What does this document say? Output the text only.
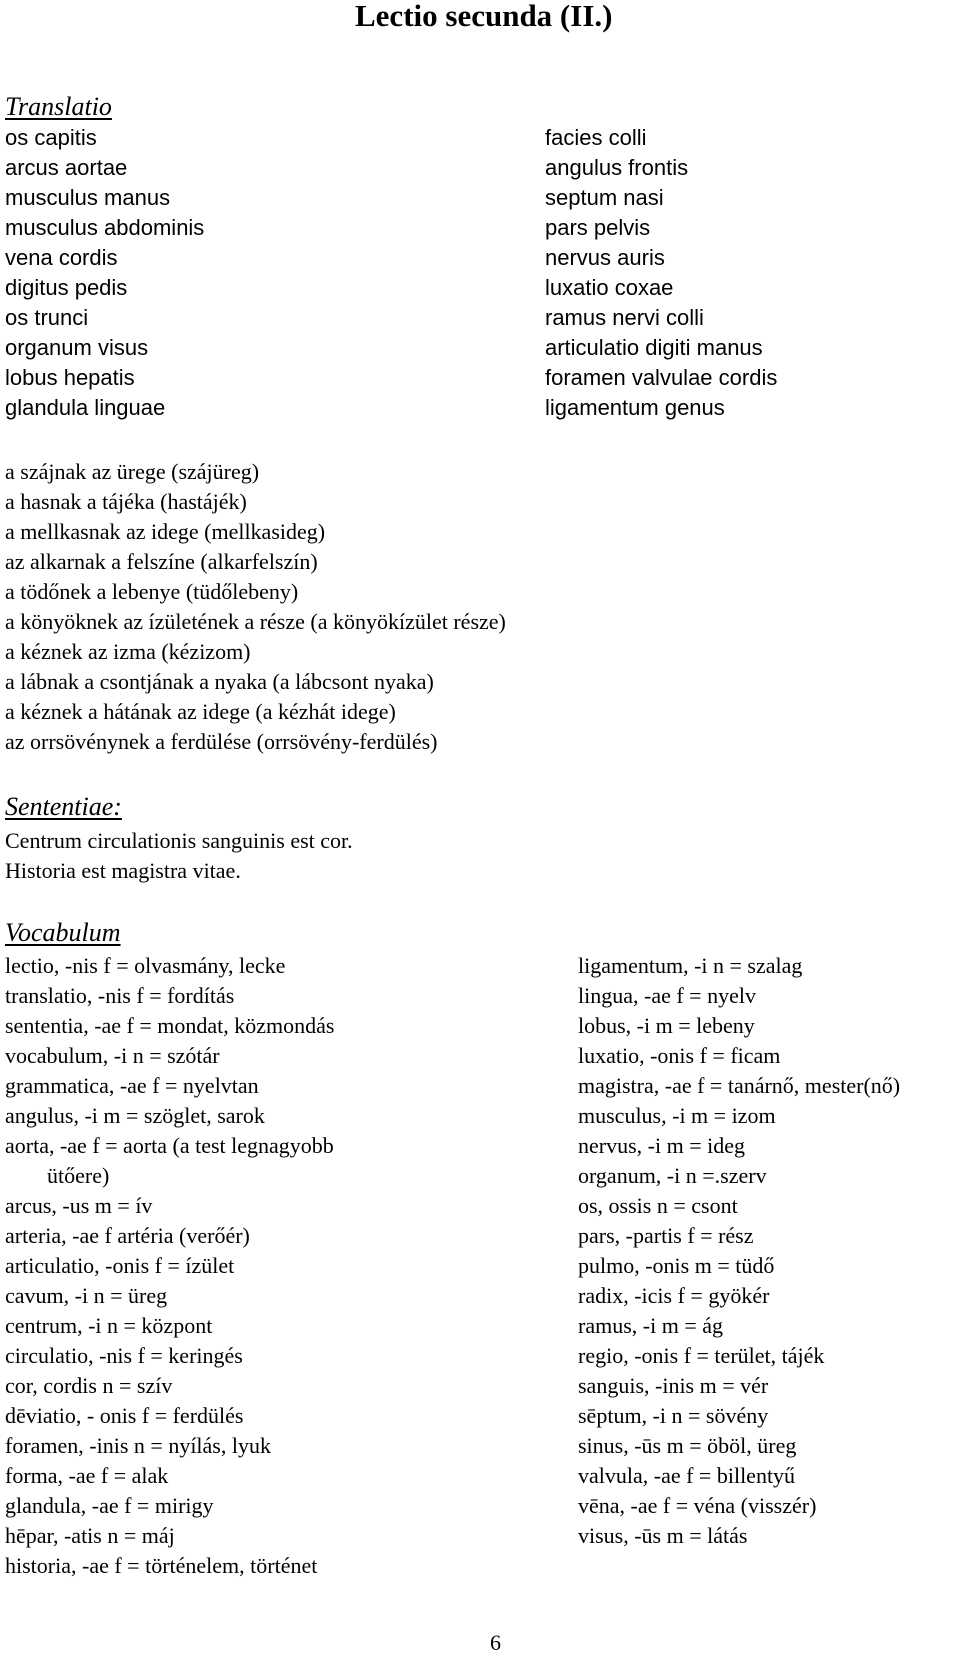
Lectio secunda (II.)
Translatio
os capitis
arcus aortae
musculus manus
musculus abdominis
vena cordis
digitus pedis
os trunci
organum visus
lobus hepatis
glandula linguae
facies colli
angulus frontis
septum nasi
pars pelvis
nervus auris
luxatio coxae
ramus nervi colli
articulatio digiti manus
foramen valvulae cordis
ligamentum genus
a szájnak az ürege (szájüreg)
a hasnak a tájéka (hastájék)
a mellkasnak az idege (mellkasideg)
az alkarnak a felszíne (alkarfelszín)
a tödőnek a lebenye (tüdőlebeny)
a könyöknek az ízületének a része (a könyökízület része)
a kéznek az izma (kézizom)
a lábnak a csontjának a nyaka (a lábcsont nyaka)
a kéznek a hátának az idege (a kézhát idege)
az orrsövénynek a ferdülése (orrsövény-ferdülés)
Sententiae:
Centrum circulationis sanguinis est cor.
Historia est magistra vitae.
Vocabulum
lectio, -nis f = olvasmány, lecke
translatio, -nis f = fordítás
sententia, -ae f = mondat, közmondás
vocabulum, -i n = szótár
grammatica, -ae f = nyelvtan
angulus, -i m = szöglet, sarok
aorta, -ae f = aorta (a test legnagyobb
ütőere)
arcus, -us m = ív
arteria, -ae f artéria (verőér)
articulatio, -onis f = ízület
cavum, -i n = üreg
centrum, -i n = központ
circulatio, -nis f = keringés
cor, cordis n = szív
dēviatio, - onis f = ferdülés
foramen, -inis n = nyílás, lyuk
forma, -ae f = alak
glandula, -ae f = mirigy
hēpar, -atis n = máj
historia, -ae f = történelem, történet
ligamentum, -i n = szalag
lingua, -ae f = nyelv
lobus, -i m = lebeny
luxatio, -onis f = ficam
magistra, -ae f = tanárnő, mester(nő)
musculus, -i m = izom
nervus, -i m = ideg
organum, -i n =.szerv
os, ossis n = csont
pars, -partis f = rész
pulmo, -onis m = tüdő
radix, -icis f = gyökér
ramus, -i m = ág
regio, -onis f = terület, tájék
sanguis, -inis m = vér
sēptum, -i n = sövény
sinus, -ūs m = öböl, üreg
valvula, -ae f = billentyű
vēna, -ae f = véna (visszér)
visus, -ūs m = látás
6
